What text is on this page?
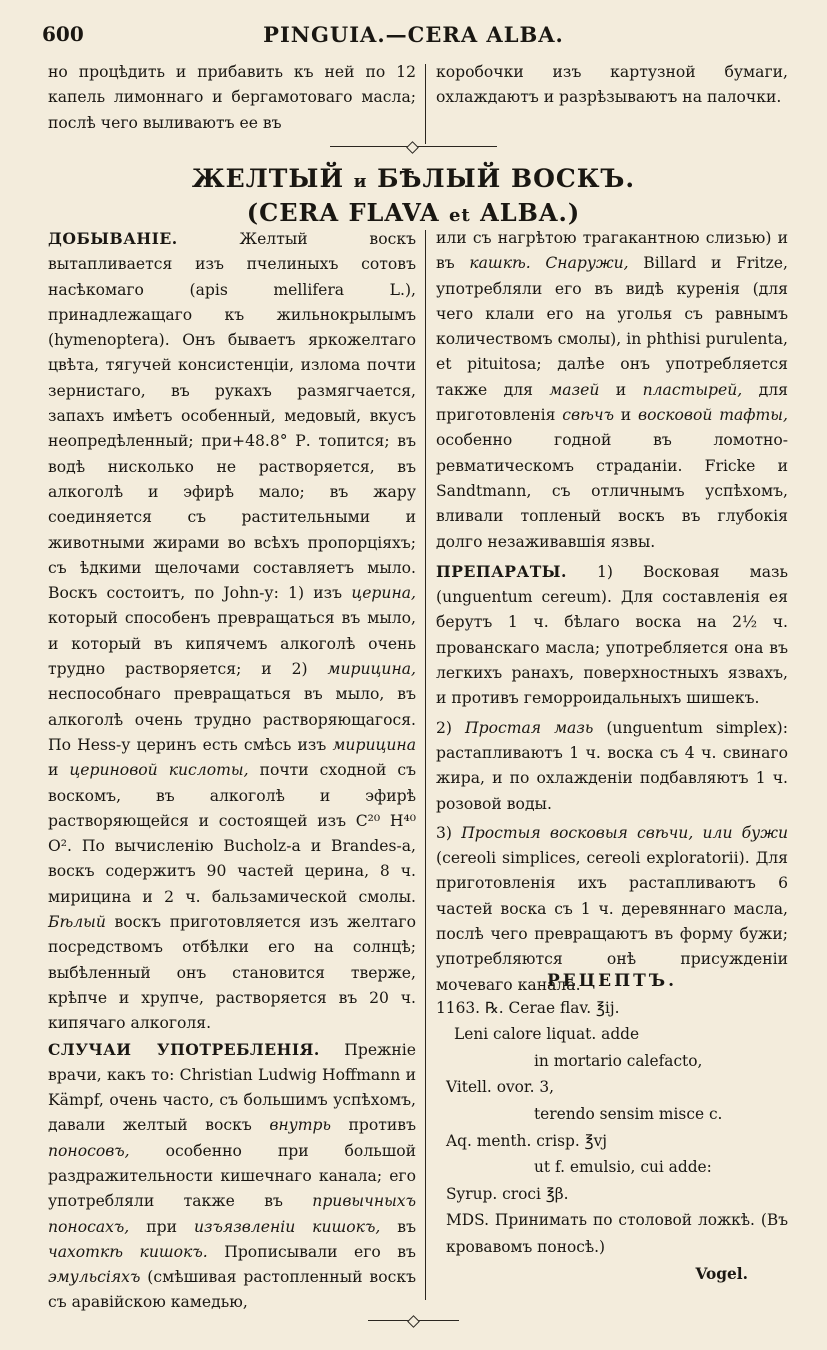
600	PINGUIA.—CERA ALBA.

но процѣдить и прибавить къ ней по 12 капель лимоннаго и бергамотоваго масла; послѣ чего выливаютъ ее въ

коробочки изъ картузной бумаги, охлаждаютъ и разрѣзываютъ на палочки.

ЖЕЛТЫЙ и БѢЛЫЙ ВОСКЪ.
(CERA FLAVA et ALBA.)

ДОБЫВАНІЕ.	Желтый воскъ вытапливается изъ пчелиныхъ сотовъ насѣкомаго (apis mellifera L.), принадлежащаго къ жильнокрылымъ (hymenoptera). Онъ бываетъ яркожелтаго цвѣта, тягучей консистенціи, излома почти зернистаго, въ рукахъ размягчается, запахъ имѣетъ особенный, медовый, вкусъ неопредѣленный; при+48.8° Р. топится; въ водѣ нисколько не растворяется, въ алкоголѣ и эфирѣ мало; въ жару соединяется съ растительными и животными жирами во всѣхъ пропорціяхъ; съ ѣдкими щелочами составляетъ мыло. Воскъ состоитъ, по John-у: 1) изъ церина, который способенъ превращаться въ мыло, и который въ кипячемъ алкоголѣ очень трудно растворяется; и 2) мирицина, неспособнаго превращаться въ мыло, въ алкоголѣ очень трудно растворяющагося. По Hess-у церинъ есть смѣсь изъ мирицина и цериновой кислоты, почти сходной съ воскомъ, въ алкоголѣ и эфирѣ растворяющейся и состоящей изъ C²⁰ H⁴⁰ O². По вычисленію Bucholz-а и Brandes-а, воскъ содержитъ 90 частей церина, 8 ч. мирицина и 2 ч. бальзамической смолы. Бѣлый воскъ приготовляется изъ желтаго посредствомъ отбѣлки его на солнцѣ; выбѣленный онъ становится тверже, крѣпче и хрупче, растворяется въ 20 ч. кипячаго алкоголя.

СЛУЧАИ УПОТРЕБЛЕНІЯ. Прежніе врачи, какъ то: Christian Ludwig Hoffmann и Kämpf, очень часто, съ большимъ успѣхомъ, давали желтый воскъ внутрь противъ поносовъ, особенно при большой раздражительности кишечнаго канала; его употребляли также въ привычныхъ поносахъ, при изъязвленіи кишокъ, въ чахоткѣ кишокъ. Прописывали его въ эмульсіяхъ (смѣшивая растопленный воскъ съ аравійскою камедью,

или съ нагрѣтою трагакантною слизью) и въ кашкѣ. Снаружи, Billard и Fritze, употребляли его въ видѣ куренія (для чего клали его на уголья съ равнымъ количествомъ смолы), in phthisi purulenta, et pituitosa; далѣе онъ употребляется также для мазей и пластырей, для приготовленія свѣчъ и восковой тафты, особенно годной въ ломотно-ревматическомъ страданіи. Fricke и Sandtmann, съ отличнымъ успѣхомъ, вливали топленый воскъ въ глубокія долго незаживавшія язвы.

ПРЕПАРАТЫ. 1) Восковая мазь (unguentum cereum). Для составленія ея берутъ 1 ч. бѣлаго воска на 2½ ч. прованскаго масла; употребляется она въ легкихъ ранахъ, поверхностныхъ язвахъ, и противъ геморроидальныхъ шишекъ.

2) Простая мазь (unguentum simplex): растапливаютъ 1 ч. воска съ 4 ч. свинаго жира, и по охлажденіи подбавляютъ 1 ч. розовой воды.

3) Простыя восковыя свѣчи, или бужи (cereoli simplices, cereoli exploratorii). Для приготовленія ихъ растапливаютъ 6 частей воска съ 1 ч. деревяннаго масла, послѣ чего превращаютъ въ форму бужи; употребляются онѣ присужденіи мочеваго канала.

РЕЦЕПТЪ.
1163. ℞. Cerae flav. ℥ij.
Leni calore liquat. adde
in mortario calefacto,
Vitell. ovor. 3,
terendo sensim misce c.
Aq. menth. crisp. ℥vj
ut f. emulsio, cui adde:
Syrup. croci ℥β.
MDS. Принимать по столовой ложкѣ. (Въ кровавомъ поносѣ.)
Vogel.
